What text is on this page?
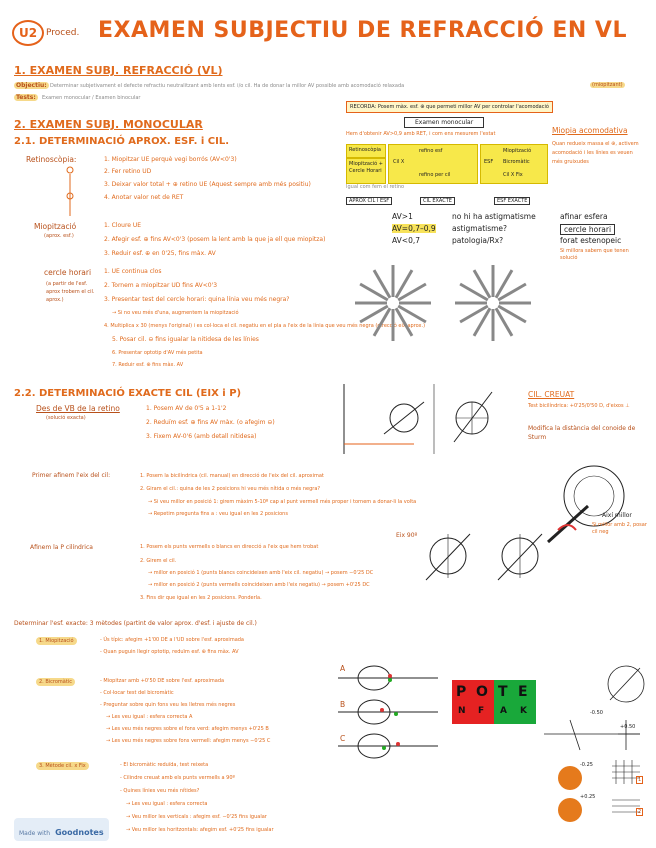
U2 Proced. EXAMEN SUBJECTIU DE REFRACCIÓ EN VL
1. EXAMEN SUBJ. REFRACCIÓ (VL)
Objectiu: Determinar subjetivament el defecte refractiu neutralitzant amb lents esf. i/o cil. Ha de donar la millor AV possible amb acomodació relaxada	(miopitzant)
Tests:	Examen monocular / Examen binocular
RECORDA: Posem màx. esf. ⊕ que permeti millor AV per controlar l'acomodació
2. EXAMEN SUBJ. MONOCULAR
2.1. DETERMINACIÓ APROX. ESF. i CIL.
Retinoscòpia:	1. Miopitzar UE perquè vegi borrós (AV<0'3)
2. Fer retino UD
3. Deixar valor total + ⊕ retino UE (Aquest sempre amb més positiu)
4. Anotar valor net de RET
Miopització
(aprox. esf.)
1. Cloure UE
2. Afegir esf. ⊕ fins AV<0'3 (posem la lent amb la que ja ell que miopitza)
3. Reduir esf. ⊕ en 0'25, fins màx. AV
cercle horari
(a partir de l'esf. aprox trobem el cil. aprox.)
1. UE continua clos
2. Tornem a miopitzar UD fins AV<0'3
3. Presentar test del cercle horari: quina línia veu més negra?
→ Si no veu més d'una, augmentem la miopització
4. Multiplica x 30 (menys l'original) i es col·loca el cil. negatiu en el pla a l'eix de la línia que veu més negra (direcció eix aprox.)
5. Posar cil. ⊖ fins igualar la nitidesa de les línies
6. Presentar optotip d'AV més petita
7. Reduir esf. ⊕ fins màx. AV
Examen monocular
Hem d'obtenir AV>0,9 amb RET, i com ens mesurem l'estat
Retinoscòpia
Miopització + Cercle Horari
refino esf
Cil X
refino per cil
ESF Bicromàtic
Miopització
Cil X Fix
Igual com fem el retino
APROX CIL I ESF	CIL EXACTE	ESF EXACTE
Miopia acomodativa
Quan redueix massa el ⊕, activem acomodació i les línies es veuen més gruixudes
AV>1	no hi ha astigmatisme	afinar esfera
AV=0,7–0,9 astigmatisme?	cercle horari
AV<0,7	patologia/Rx?	forat estenopeic
Si millora sabem que tenen solució
2.2. DETERMINACIÓ EXACTE CIL (EIX i P)
Des de VB de la retino
(solució exacta)
1. Posem AV de 0'5 a 1-1'2
2. Reduïm esf. ⊕ fins AV màx. (o afegim ⊖)
3. Fixem AV-0'6 (amb detall nitidesa)
CIL. CREUAT
Test bicilíndrica: +0'25/0'50 D, d'eixos ⊥
Modifica la distància del conoide de Sturm
Primer afinem l'eix del cil:	1. Posem la bicilíndrica (cil. manual) en direcció de l'eix del cil. aproximat
2. Giram el cil.: quina de les 2 posicions hi veu més nítida o més negra?
→ Si veu millor en posició 1: girem màxim 5-10º cap al punt vermell més proper i tornem a donar-li la volta
→ Repetim pregunta fins a : veu igual en les 2 posicions
Afinem la P cilíndrica	1. Posem els punts vermells o blancs en direcció a l'eix que hem trobat
2. Girem el cil.
→ millor en posició 1 (punts blancs coincideixen amb l'eix cil. negatiu) → posem −0'25 DC
→ millor en posició 2 (punts vermells coincideixen amb l'eix negatiu) → posem +0'25 DC
3. Fins dir que igual en les 2 posicions. Ponderla.
Eix 90º
Així millor
Si millor amb 2, posar cil neg
Determinar l'esf. exacte: 3 mètodes (partint de valor aprox. d'esf. i ajuste de cil.)
1. Miopització	- Ús típic: afegim +1'00 DE a l'UD sobre l'esf. aproximada
- Quan puguin llegir optotip, reduïm esf. ⊕ fins màx. AV
2. Bicromàtic	- Miopitzar amb +0'50 DE sobre l'esf. aproximada
- Col·locar test del bicromàtic
- Preguntar sobre quin fons veu les lletres més negres
→ Les veu igual : esfera correcta A
→ Les veu més negres sobre el fons verd: afegim menys +0'25 B
→ Les veu més negres sobre fons vermell: afegim menys −0'25 C
3. Mètode cil. x Fix	- El bicromàtic reduïda, test reixeta
- Cilindre creuat amb els punts vermells a 90º
- Quines línies veu més nítides?
→ Les veu igual : esfera correcta
→ Veu millor les verticals : afegim esf. −0'25 fins igualar
→ Veu millor les horitzontals: afegim esf. +0'25 fins igualar
A
B
C
P O T E
N F A K	-0.50
+0.50
-0.25
+0.25
1
2
Made with Goodnotes
